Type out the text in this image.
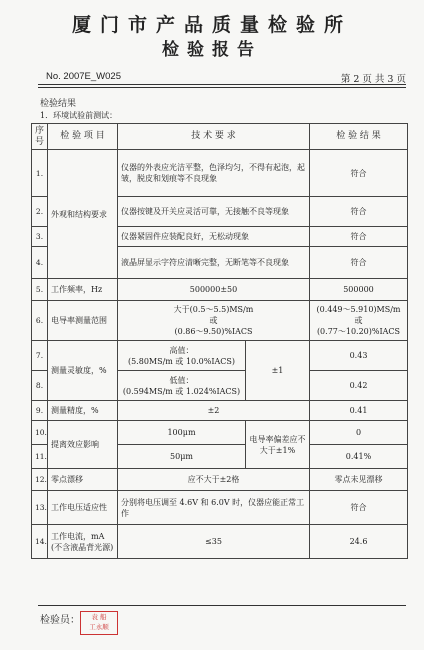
厦门市产品质量检验所
检验报告
No. 2007E_W025	第 2 页 共 3 页
检验结果
1．环境试验前测试：
序号	检 验 项 目	技 术 要 求		检 验 结 果
1.	外观和结构要求	仪器的外表应光洁平整，色泽均匀，不得有起泡，起皱，脱皮和划痕等不良现象		符合
2.		仪器按键及开关应灵活可靠，无接触不良等现象		符合
3.		仪器紧固件应装配良好，无松动现象		符合
4.		液晶屏显示字符应清晰完整，无断笔等不良现象		符合
5.	工作频率，Hz	500000±50		500000
6.	电导率测量范围	大于(0.5～5.5)MS/m
或
(0.86～9.50)%IACS		(0.449～5.910)MS/m
或
(0.77～10.20)%IACS
7.	测量灵敏度，%	高值：
(5.80MS/m 或 10.0%IACS)	±1	0.43
8.		低值：
(0.594MS/m 或 1.024%IACS)		0.42
9.	测量精度，%	±2		0.41
10.	提离效应影响	100μm	电导率偏差应不大于±1%	0
11.		50μm		0.41%
12.	零点漂移	应不大于±2格		零点未见漂移
13.	工作电压适应性	分别将电压调至 4.6V 和 6.0V 时，仪器应能正常工作		符合
14.	工作电流，mA
(不含液晶背光源)	≤35		24.6
检验员：	袁 船
工永顺
